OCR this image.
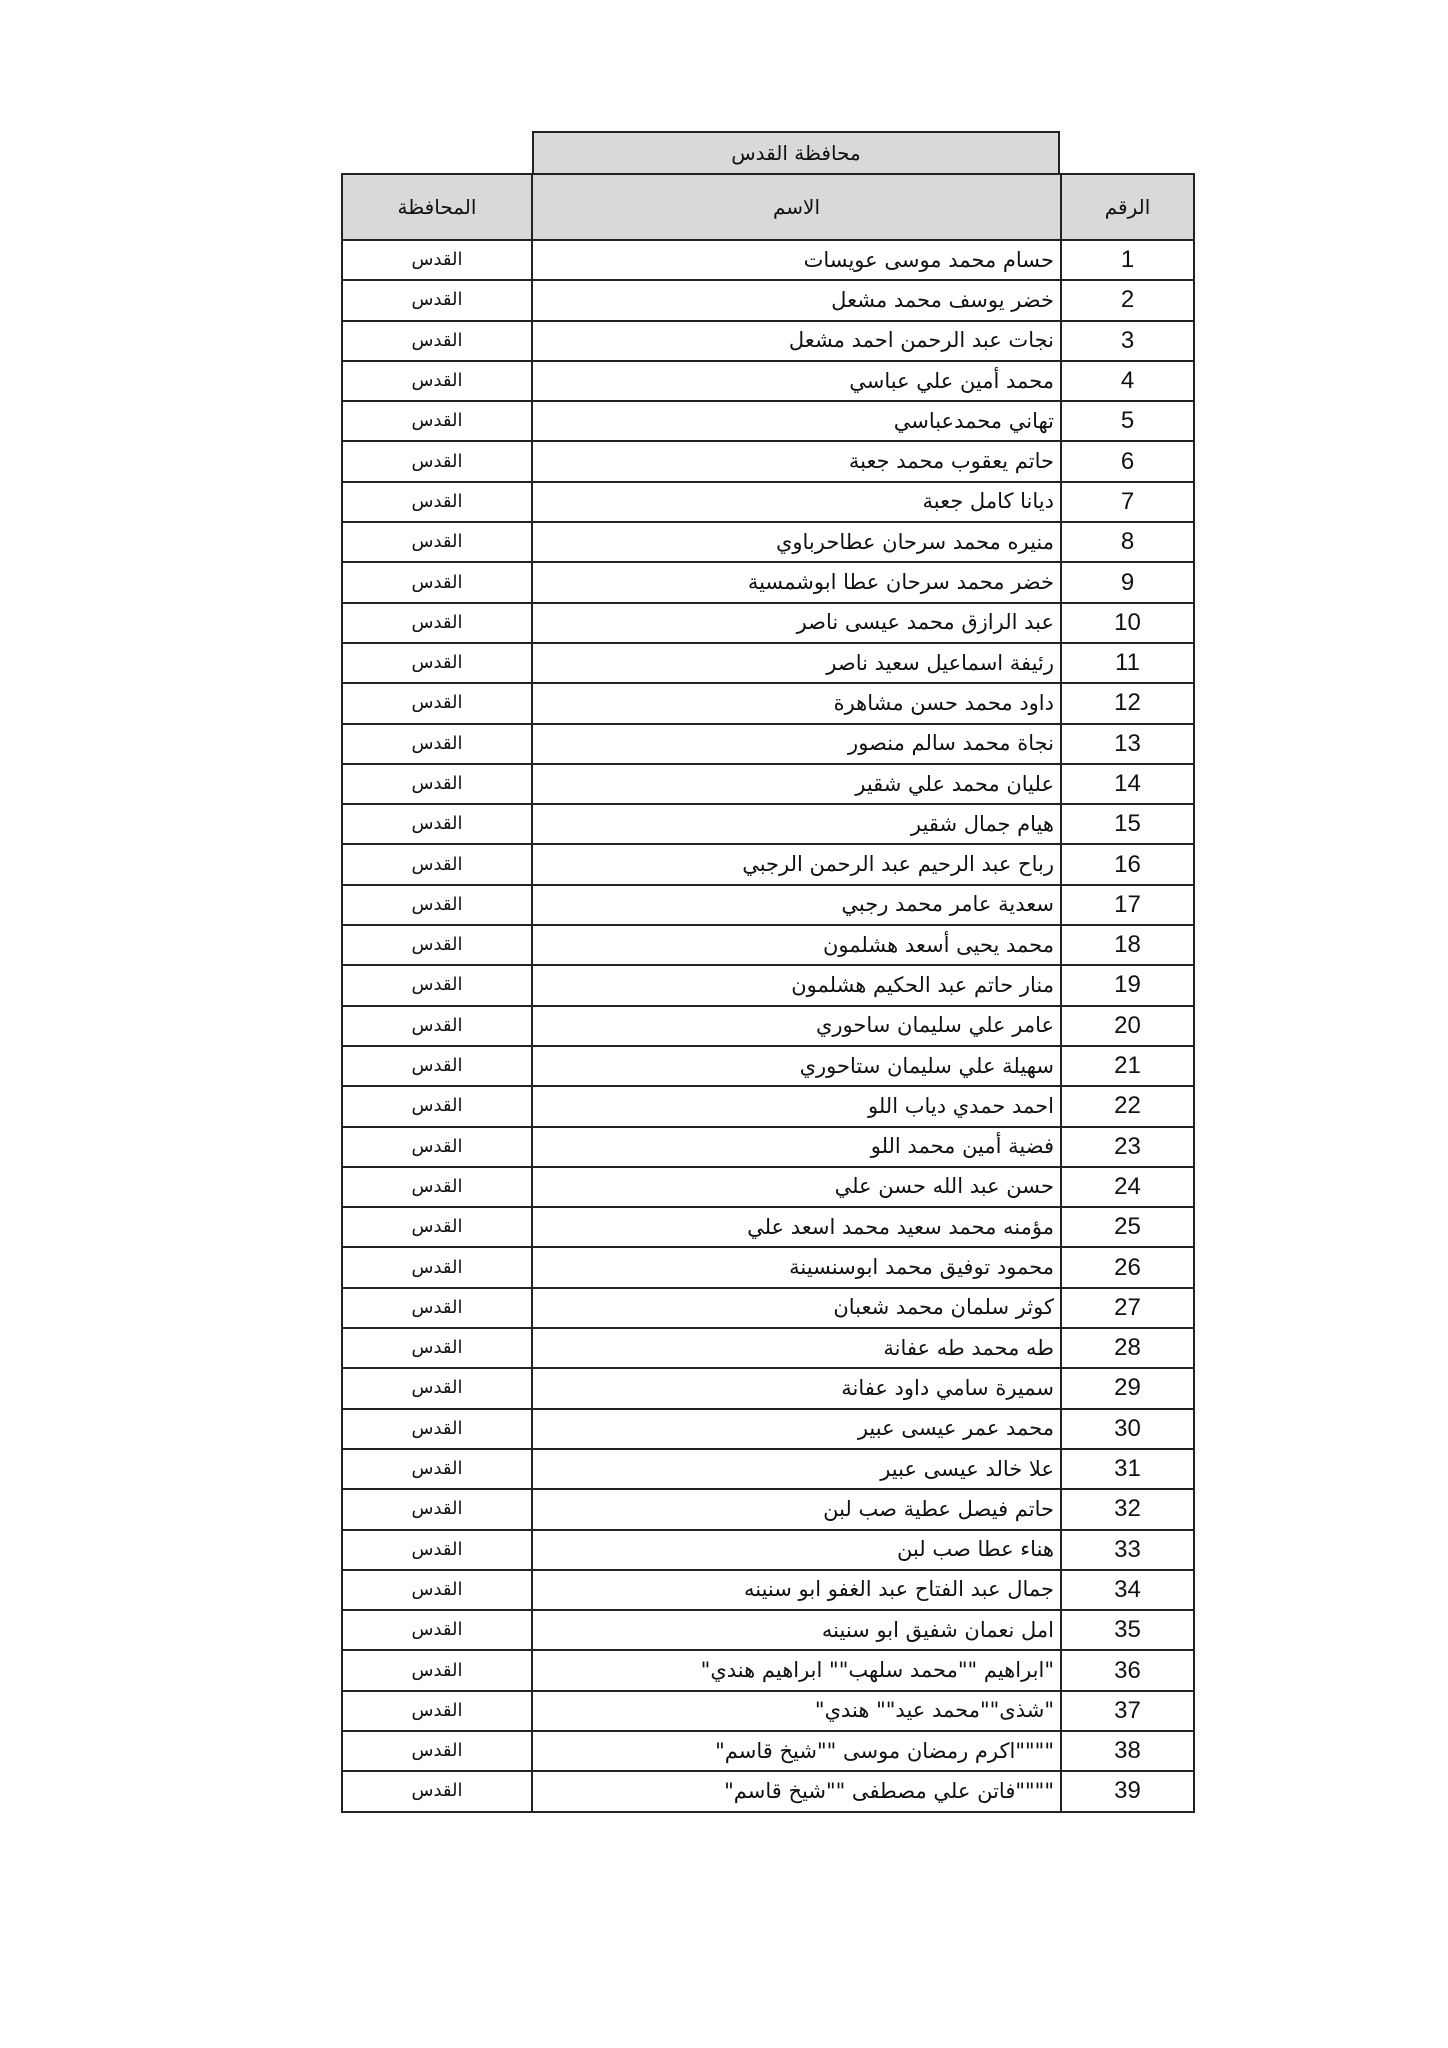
محافظة القدس
الرقم	الاسم	المحافظة
1	حسام محمد موسى عويسات	القدس
2	خضر يوسف محمد مشعل	القدس
3	نجات عبد الرحمن احمد مشعل	القدس
4	محمد أمين علي عباسي	القدس
5	تهاني محمدعباسي	القدس
6	حاتم يعقوب محمد جعبة	القدس
7	ديانا كامل جعبة	القدس
8	منيره محمد سرحان عطاحرباوي	القدس
9	خضر محمد سرحان عطا ابوشمسية	القدس
10	عبد الرازق محمد عيسى ناصر	القدس
11	رئيفة اسماعيل سعيد ناصر	القدس
12	داود محمد حسن مشاهرة	القدس
13	نجاة محمد سالم منصور	القدس
14	عليان محمد علي شقير	القدس
15	هيام جمال شقير	القدس
16	رباح عبد الرحيم عبد الرحمن الرجبي	القدس
17	سعدية عامر محمد رجبي	القدس
18	محمد يحيى أسعد هشلمون	القدس
19	منار حاتم عبد الحكيم هشلمون	القدس
20	عامر علي سليمان ساحوري	القدس
21	سهيلة علي سليمان ستاحوري	القدس
22	احمد حمدي دياب اللو	القدس
23	فضية أمين محمد اللو	القدس
24	حسن عبد الله حسن علي	القدس
25	مؤمنه محمد سعيد محمد اسعد علي	القدس
26	محمود توفيق محمد ابوسنسينة	القدس
27	كوثر سلمان محمد شعبان	القدس
28	طه محمد طه عفانة	القدس
29	سميرة سامي داود عفانة	القدس
30	محمد عمر عيسى عبير	القدس
31	علا خالد عيسى عبير	القدس
32	حاتم فيصل عطية صب لبن	القدس
33	هناء عطا صب لبن	القدس
34	جمال عبد الفتاح عبد الغفو ابو سنينه	القدس
35	امل نعمان شفيق ابو سنينه	القدس
36	"ابراهيم ""محمد سلهب"" ابراهيم هندي"	القدس
37	"شذى""محمد عيد"" هندي"	القدس
38	""""اكرم رمضان موسى ""شيخ قاسم"	القدس
39	""""فاتن علي مصطفى ""شيخ قاسم"	القدس
